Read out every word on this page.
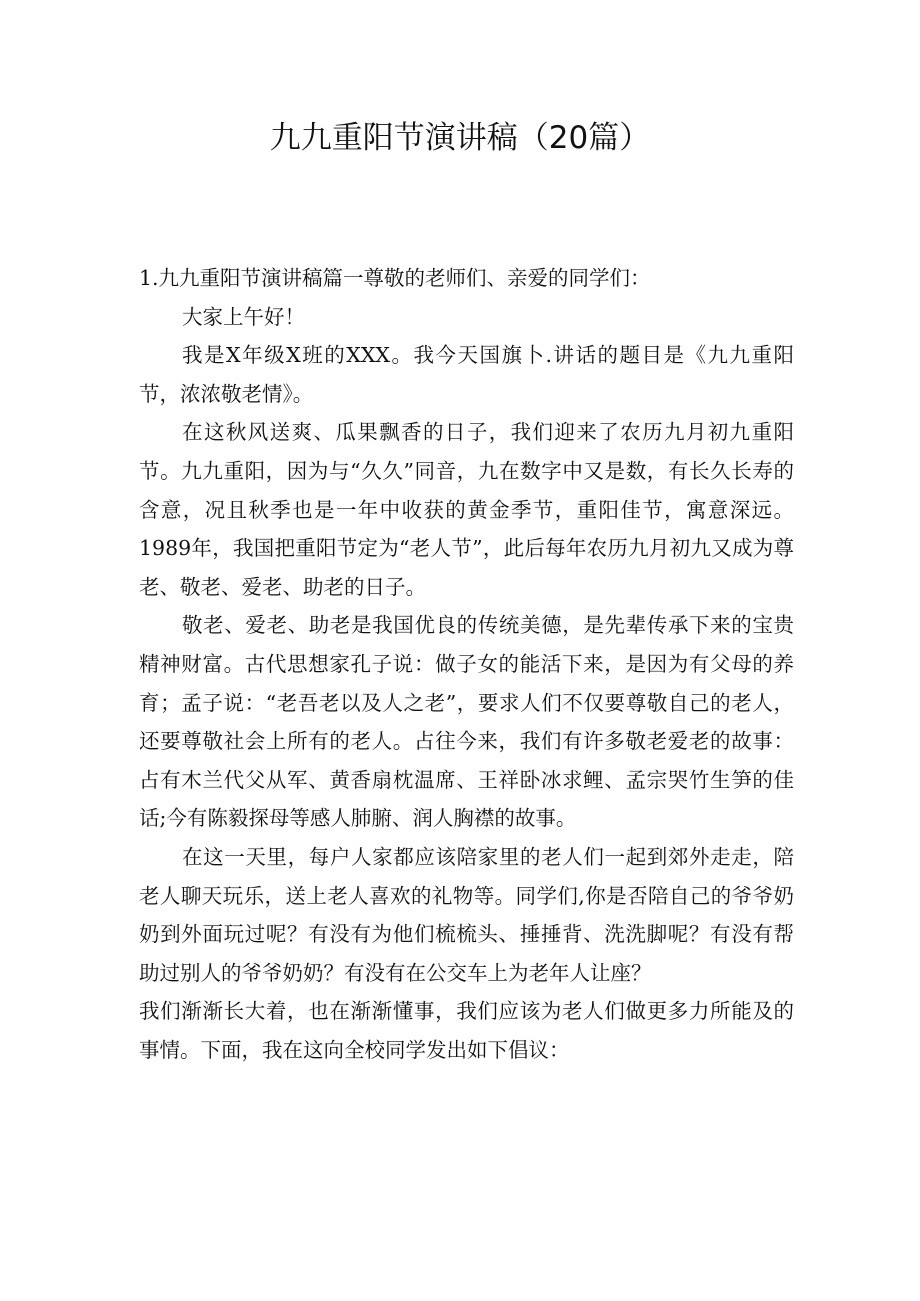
九九重阳节演讲稿（20篇）

1.九九重阳节演讲稿篇一尊敬的老师们、亲爱的同学们：

大家上午好！

我是X年级X班的XXX。我今天国旗卜.讲话的题目是《九九重阳节，浓浓敬老情》。

在这秋风送爽、瓜果飘香的日子，我们迎来了农历九月初九重阳节。九九重阳，因为与“久久”同音，九在数字中又是数，有长久长寿的含意，况且秋季也是一年中收获的黄金季节，重阳佳节，寓意深远。1989年，我国把重阳节定为“老人节”，此后每年农历九月初九又成为尊老、敬老、爱老、助老的日子。

敬老、爱老、助老是我国优良的传统美德，是先辈传承下来的宝贵精神财富。古代思想家孔子说：做子女的能活下来，是因为有父母的养育；孟子说：“老吾老以及人之老”，要求人们不仅要尊敬自己的老人，还要尊敬社会上所有的老人。占往今来，我们有许多敬老爱老的故事：占有木兰代父从军、黄香扇枕温席、王祥卧冰求鲤、孟宗哭竹生笋的佳话;今有陈毅探母等感人肺腑、润人胸襟的故事。

在这一天里，每户人家都应该陪家里的老人们一起到郊外走走，陪老人聊天玩乐，送上老人喜欢的礼物等。同学们,你是否陪自己的爷爷奶奶到外面玩过呢？有没有为他们梳梳头、捶捶背、洗洗脚呢？有没有帮助过别人的爷爷奶奶？有没有在公交车上为老年人让座？

我们渐渐长大着，也在渐渐懂事，我们应该为老人们做更多力所能及的事情。下面，我在这向全校同学发出如下倡议：
